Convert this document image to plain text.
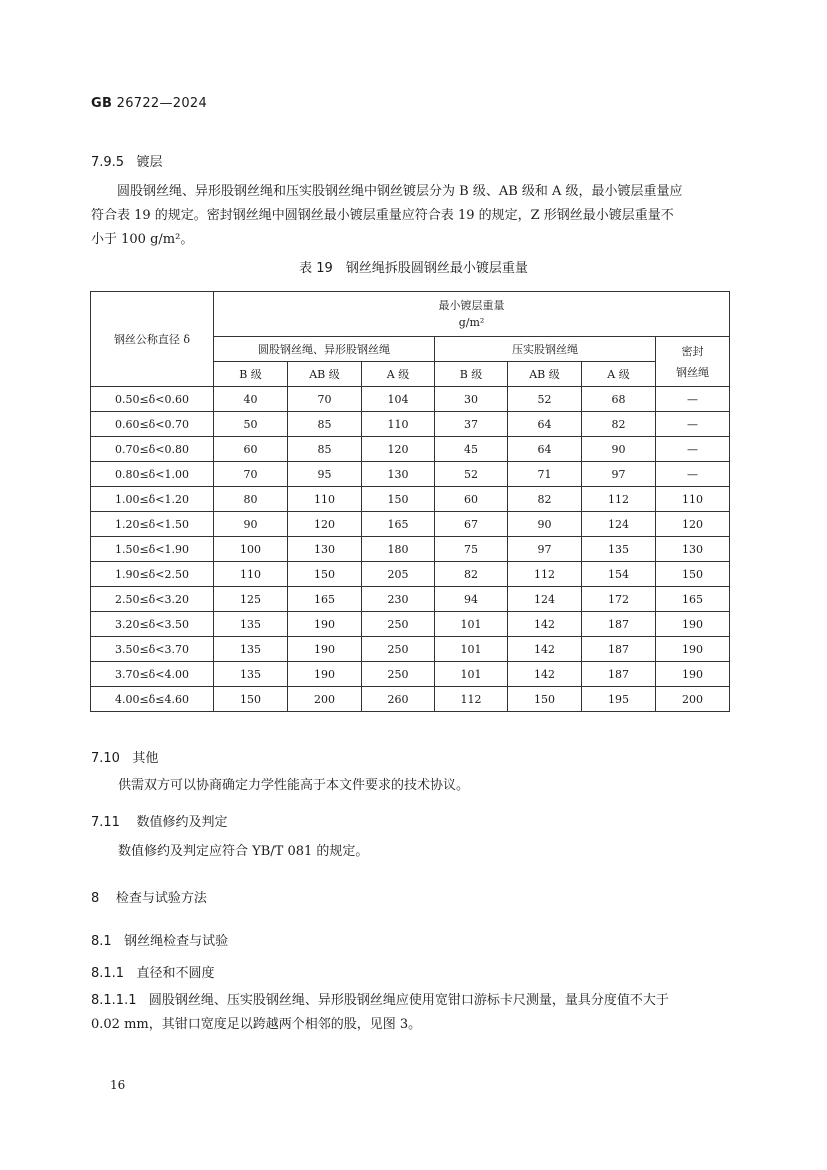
GB 26722—2024
7.9.5 镀层
圆股钢丝绳、异形股钢丝绳和压实股钢丝绳中钢丝镀层分为 B 级、AB 级和 A 级，最小镀层重量应
符合表 19 的规定。密封钢丝绳中圆钢丝最小镀层重量应符合表 19 的规定，Z 形钢丝最小镀层重量不
小于 100 g/m²。
表 19　钢丝绳拆股圆钢丝最小镀层重量
钢丝公称直径 δ	最小镀层重量
g/m²						

	圆股钢丝绳、异形股钢丝绳			压实股钢丝绳			密封
钢丝绳

	B 级	AB 级	A 级	B 级	AB 级	A 级	
0.50≤δ<0.60	40	70	104	30	52	68	—
0.60≤δ<0.70	50	85	110	37	64	82	—
0.70≤δ<0.80	60	85	120	45	64	90	—
0.80≤δ<1.00	70	95	130	52	71	97	—
1.00≤δ<1.20	80	110	150	60	82	112	110
1.20≤δ<1.50	90	120	165	67	90	124	120
1.50≤δ<1.90	100	130	180	75	97	135	130
1.90≤δ<2.50	110	150	205	82	112	154	150
2.50≤δ<3.20	125	165	230	94	124	172	165
3.20≤δ<3.50	135	190	250	101	142	187	190
3.50≤δ<3.70	135	190	250	101	142	187	190
3.70≤δ<4.00	135	190	250	101	142	187	190
4.00≤δ≤4.60	150	200	260	112	150	195	200
7.10 其他
供需双方可以协商确定力学性能高于本文件要求的技术协议。
7.11 数值修约及判定
数值修约及判定应符合 YB/T 081 的规定。
8 检查与试验方法
8.1 钢丝绳检查与试验
8.1.1 直径和不圆度
8.1.1.1 圆股钢丝绳、压实股钢丝绳、异形股钢丝绳应使用宽钳口游标卡尺测量，量具分度值不大于
0.02 mm，其钳口宽度足以跨越两个相邻的股，见图 3。
16
